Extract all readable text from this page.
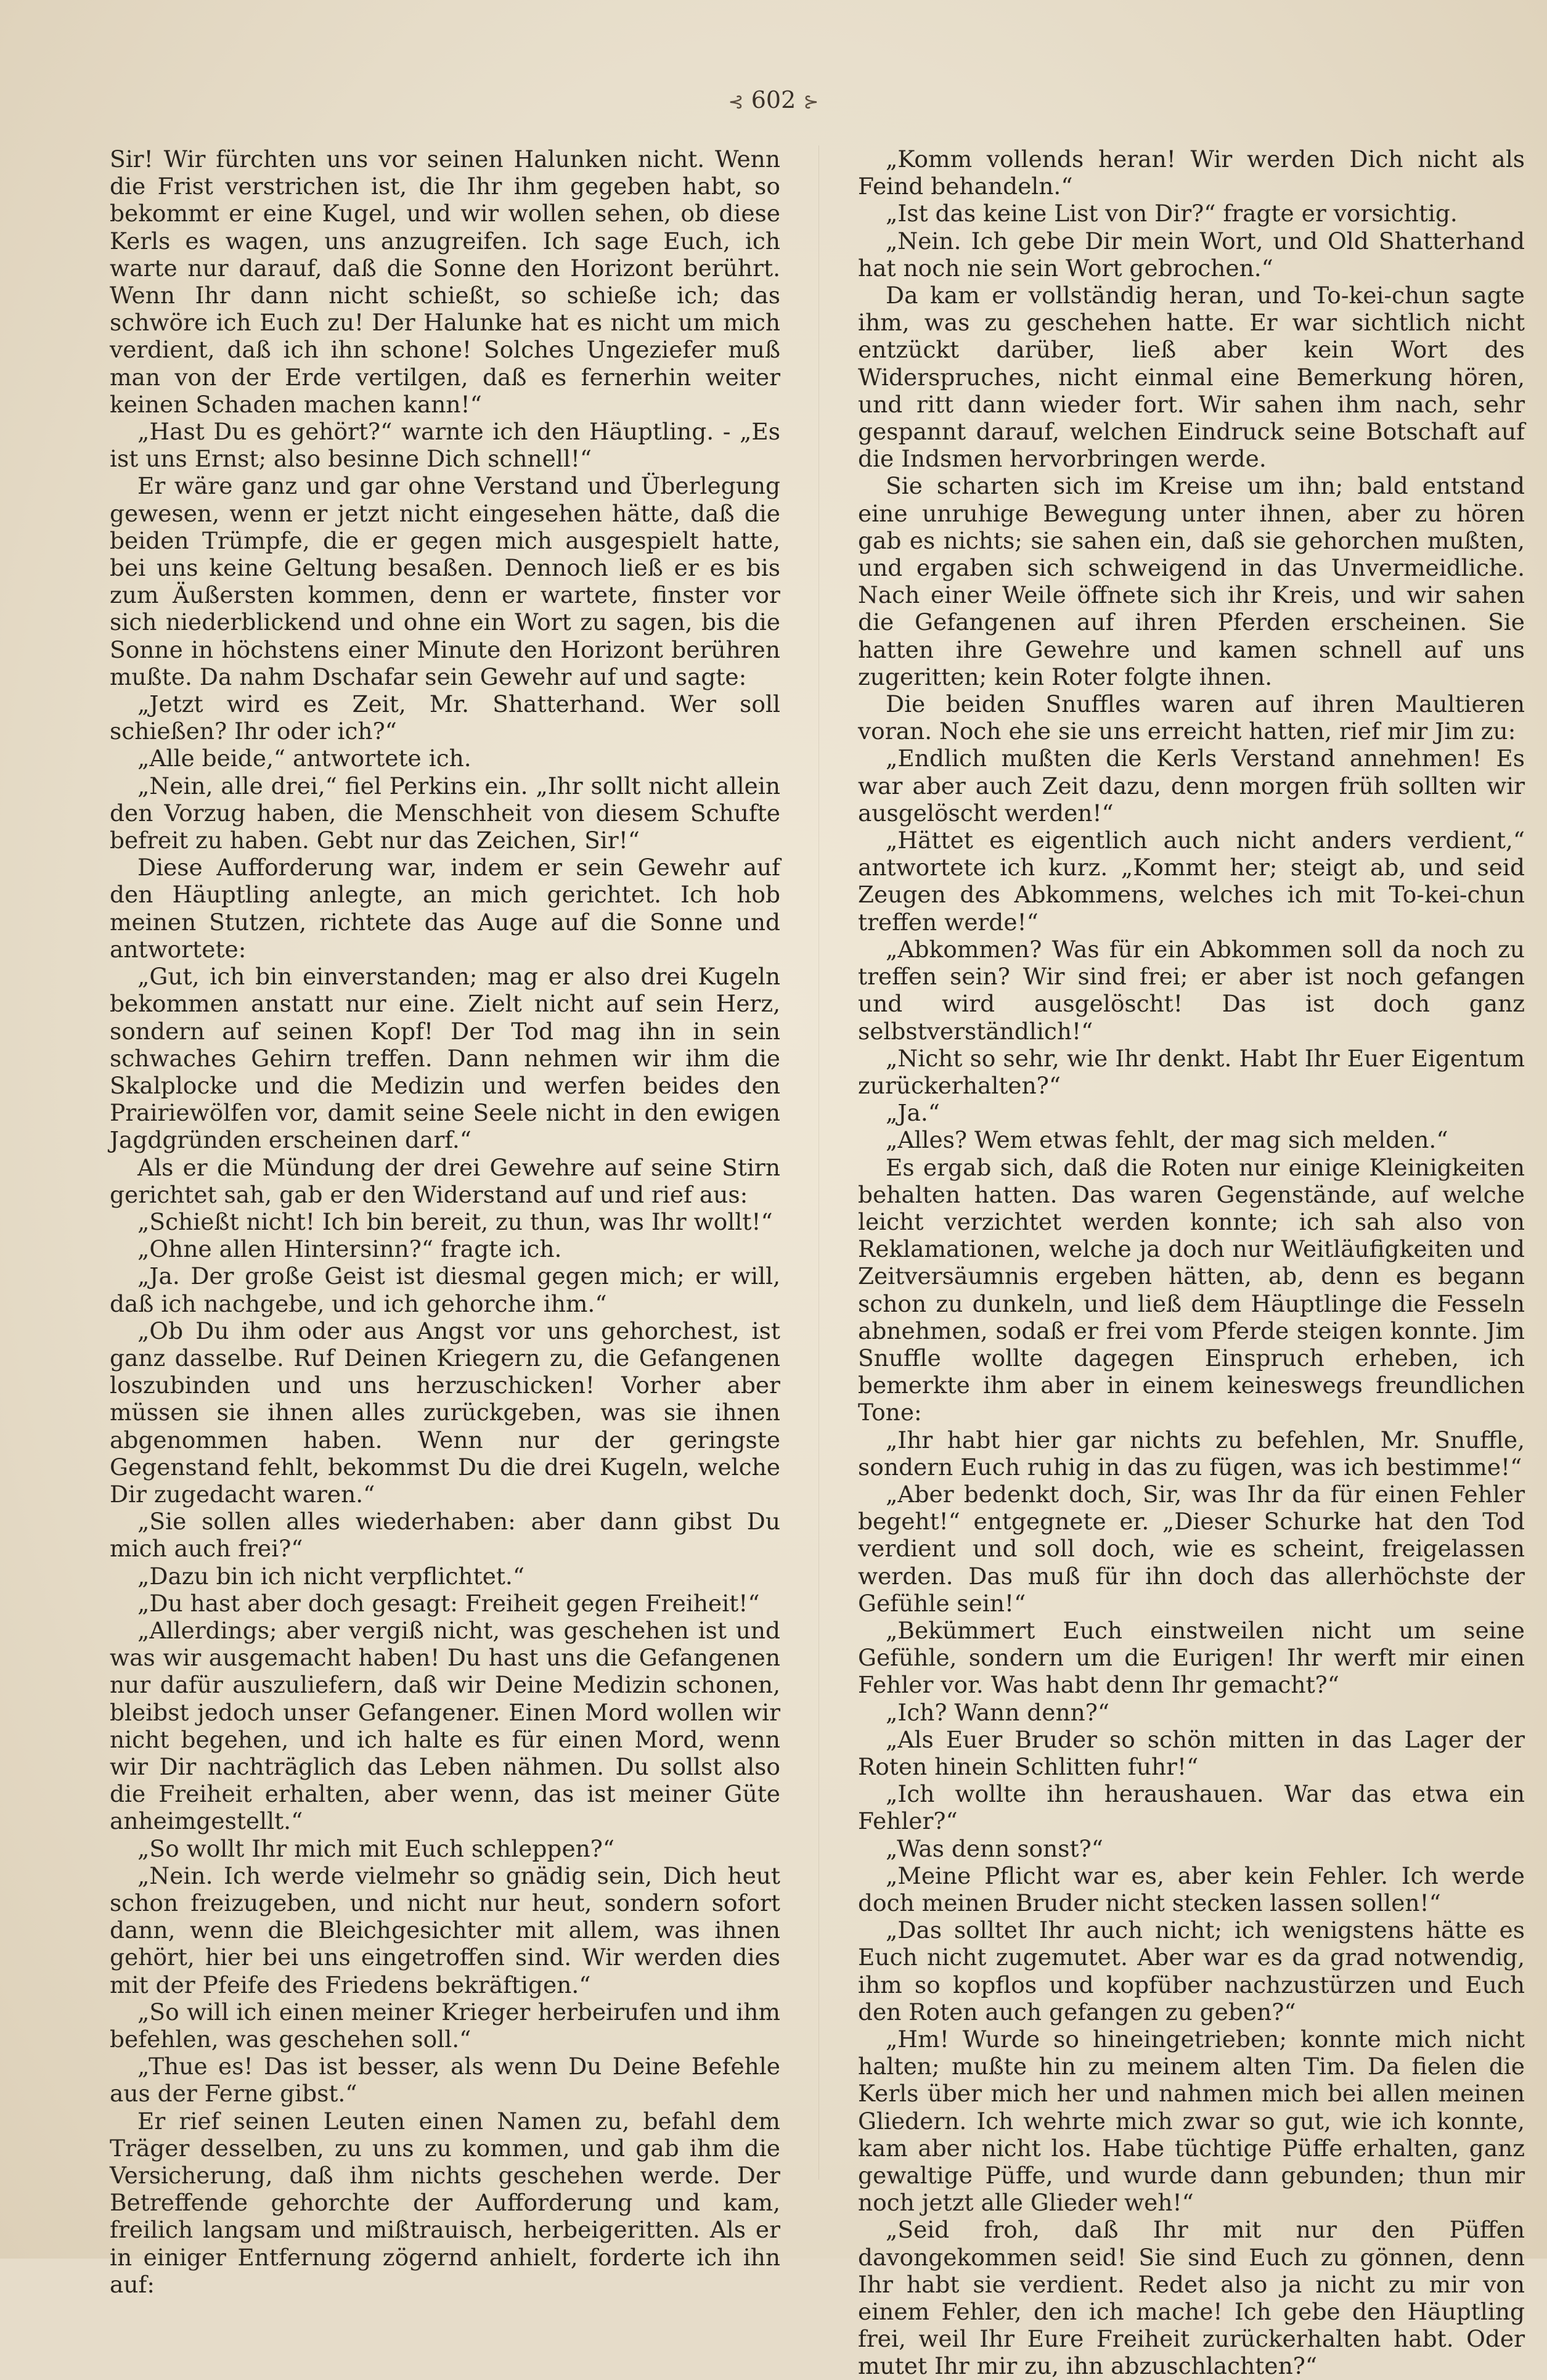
⊰ 602 ⊱

Sir! Wir fürchten uns vor seinen Halunken nicht. Wenn die Frist verstrichen ist, die Ihr ihm gegeben habt, so bekommt er eine Kugel, und wir wollen sehen, ob diese Kerls es wagen, uns anzugreifen. Ich sage Euch, ich warte nur darauf, daß die Sonne den Horizont berührt. Wenn Ihr dann nicht schießt, so schieße ich; das schwöre ich Euch zu! Der Halunke hat es nicht um mich verdient, daß ich ihn schone! Solches Ungeziefer muß man von der Erde vertilgen, daß es fernerhin weiter keinen Schaden machen kann!“

„Hast Du es gehört?“ warnte ich den Häuptling. - „Es ist uns Ernst; also besinne Dich schnell!“

Er wäre ganz und gar ohne Verstand und Überlegung gewesen, wenn er jetzt nicht eingesehen hätte, daß die beiden Trümpfe, die er gegen mich ausgespielt hatte, bei uns keine Geltung besaßen. Dennoch ließ er es bis zum Äußersten kommen, denn er wartete, finster vor sich niederblickend und ohne ein Wort zu sagen, bis die Sonne in höchstens einer Minute den Horizont berühren mußte. Da nahm Dschafar sein Gewehr auf und sagte:

„Jetzt wird es Zeit, Mr. Shatterhand. Wer soll schießen? Ihr oder ich?“

„Alle beide,“ antwortete ich.

„Nein, alle drei,“ fiel Perkins ein. „Ihr sollt nicht allein den Vorzug haben, die Menschheit von diesem Schufte befreit zu haben. Gebt nur das Zeichen, Sir!“

Diese Aufforderung war, indem er sein Gewehr auf den Häuptling anlegte, an mich gerichtet. Ich hob meinen Stutzen, richtete das Auge auf die Sonne und antwortete:

„Gut, ich bin einverstanden; mag er also drei Kugeln bekommen anstatt nur eine. Zielt nicht auf sein Herz, sondern auf seinen Kopf! Der Tod mag ihn in sein schwaches Gehirn treffen. Dann nehmen wir ihm die Skalplocke und die Medizin und werfen beides den Prairiewölfen vor, damit seine Seele nicht in den ewigen Jagdgründen erscheinen darf.“

Als er die Mündung der drei Gewehre auf seine Stirn gerichtet sah, gab er den Widerstand auf und rief aus:

„Schießt nicht! Ich bin bereit, zu thun, was Ihr wollt!“

„Ohne allen Hintersinn?“ fragte ich.

„Ja. Der große Geist ist diesmal gegen mich; er will, daß ich nachgebe, und ich gehorche ihm.“

„Ob Du ihm oder aus Angst vor uns gehorchest, ist ganz dasselbe. Ruf Deinen Kriegern zu, die Gefangenen loszubinden und uns herzuschicken! Vorher aber müssen sie ihnen alles zurückgeben, was sie ihnen abgenommen haben. Wenn nur der geringste Gegenstand fehlt, bekommst Du die drei Kugeln, welche Dir zugedacht waren.“

„Sie sollen alles wiederhaben: aber dann gibst Du mich auch frei?“

„Dazu bin ich nicht verpflichtet.“

„Du hast aber doch gesagt: Freiheit gegen Freiheit!“

„Allerdings; aber vergiß nicht, was geschehen ist und was wir ausgemacht haben! Du hast uns die Gefangenen nur dafür auszuliefern, daß wir Deine Medizin schonen, bleibst jedoch unser Gefangener. Einen Mord wollen wir nicht begehen, und ich halte es für einen Mord, wenn wir Dir nachträglich das Leben nähmen. Du sollst also die Freiheit erhalten, aber wenn, das ist meiner Güte anheimgestellt.“

„So wollt Ihr mich mit Euch schleppen?“

„Nein. Ich werde vielmehr so gnädig sein, Dich heut schon freizugeben, und nicht nur heut, sondern sofort dann, wenn die Bleichgesichter mit allem, was ihnen gehört, hier bei uns eingetroffen sind. Wir werden dies mit der Pfeife des Friedens bekräftigen.“

„So will ich einen meiner Krieger herbeirufen und ihm befehlen, was geschehen soll.“

„Thue es! Das ist besser, als wenn Du Deine Befehle aus der Ferne gibst.“

Er rief seinen Leuten einen Namen zu, befahl dem Träger desselben, zu uns zu kommen, und gab ihm die Versicherung, daß ihm nichts geschehen werde. Der Betreffende gehorchte der Aufforderung und kam, freilich langsam und mißtrauisch, herbeigeritten. Als er in einiger Entfernung zögernd anhielt, forderte ich ihn auf:

„Komm vollends heran! Wir werden Dich nicht als Feind behandeln.“

„Ist das keine List von Dir?“ fragte er vorsichtig.

„Nein. Ich gebe Dir mein Wort, und Old Shatterhand hat noch nie sein Wort gebrochen.“

Da kam er vollständig heran, und To-kei-chun sagte ihm, was zu geschehen hatte. Er war sichtlich nicht entzückt darüber, ließ aber kein Wort des Widerspruches, nicht einmal eine Bemerkung hören, und ritt dann wieder fort. Wir sahen ihm nach, sehr gespannt darauf, welchen Eindruck seine Botschaft auf die Indsmen hervorbringen werde.

Sie scharten sich im Kreise um ihn; bald entstand eine unruhige Bewegung unter ihnen, aber zu hören gab es nichts; sie sahen ein, daß sie gehorchen mußten, und ergaben sich schweigend in das Unvermeidliche. Nach einer Weile öffnete sich ihr Kreis, und wir sahen die Gefangenen auf ihren Pferden erscheinen. Sie hatten ihre Gewehre und kamen schnell auf uns zugeritten; kein Roter folgte ihnen.

Die beiden Snuffles waren auf ihren Maultieren voran. Noch ehe sie uns erreicht hatten, rief mir Jim zu:

„Endlich mußten die Kerls Verstand annehmen! Es war aber auch Zeit dazu, denn morgen früh sollten wir ausgelöscht werden!“

„Hättet es eigentlich auch nicht anders verdient,“ antwortete ich kurz. „Kommt her; steigt ab, und seid Zeugen des Abkommens, welches ich mit To-kei-chun treffen werde!“

„Abkommen? Was für ein Abkommen soll da noch zu treffen sein? Wir sind frei; er aber ist noch gefangen und wird ausgelöscht! Das ist doch ganz selbstverständlich!“

„Nicht so sehr, wie Ihr denkt. Habt Ihr Euer Eigentum zurückerhalten?“

„Ja.“

„Alles? Wem etwas fehlt, der mag sich melden.“

Es ergab sich, daß die Roten nur einige Kleinigkeiten behalten hatten. Das waren Gegenstände, auf welche leicht verzichtet werden konnte; ich sah also von Reklamationen, welche ja doch nur Weitläufigkeiten und Zeitversäumnis ergeben hätten, ab, denn es begann schon zu dunkeln, und ließ dem Häuptlinge die Fesseln abnehmen, sodaß er frei vom Pferde steigen konnte. Jim Snuffle wollte dagegen Einspruch erheben, ich bemerkte ihm aber in einem keineswegs freundlichen Tone:

„Ihr habt hier gar nichts zu befehlen, Mr. Snuffle, sondern Euch ruhig in das zu fügen, was ich bestimme!“

„Aber bedenkt doch, Sir, was Ihr da für einen Fehler begeht!“ entgegnete er. „Dieser Schurke hat den Tod verdient und soll doch, wie es scheint, freigelassen werden. Das muß für ihn doch das allerhöchste der Gefühle sein!“

„Bekümmert Euch einstweilen nicht um seine Gefühle, sondern um die Eurigen! Ihr werft mir einen Fehler vor. Was habt denn Ihr gemacht?“

„Ich? Wann denn?“

„Als Euer Bruder so schön mitten in das Lager der Roten hinein Schlitten fuhr!“

„Ich wollte ihn heraushauen. War das etwa ein Fehler?“

„Was denn sonst?“

„Meine Pflicht war es, aber kein Fehler. Ich werde doch meinen Bruder nicht stecken lassen sollen!“

„Das solltet Ihr auch nicht; ich wenigstens hätte es Euch nicht zugemutet. Aber war es da grad notwendig, ihm so kopflos und kopfüber nachzustürzen und Euch den Roten auch gefangen zu geben?“

„Hm! Wurde so hineingetrieben; konnte mich nicht halten; mußte hin zu meinem alten Tim. Da fielen die Kerls über mich her und nahmen mich bei allen meinen Gliedern. Ich wehrte mich zwar so gut, wie ich konnte, kam aber nicht los. Habe tüchtige Püffe erhalten, ganz gewaltige Püffe, und wurde dann gebunden; thun mir noch jetzt alle Glieder weh!“

„Seid froh, daß Ihr mit nur den Püffen davongekommen seid! Sie sind Euch zu gönnen, denn Ihr habt sie verdient. Redet also ja nicht zu mir von einem Fehler, den ich mache! Ich gebe den Häuptling frei, weil Ihr Eure Freiheit zurückerhalten habt. Oder mutet Ihr mir zu, ihn abzuschlachten?“
